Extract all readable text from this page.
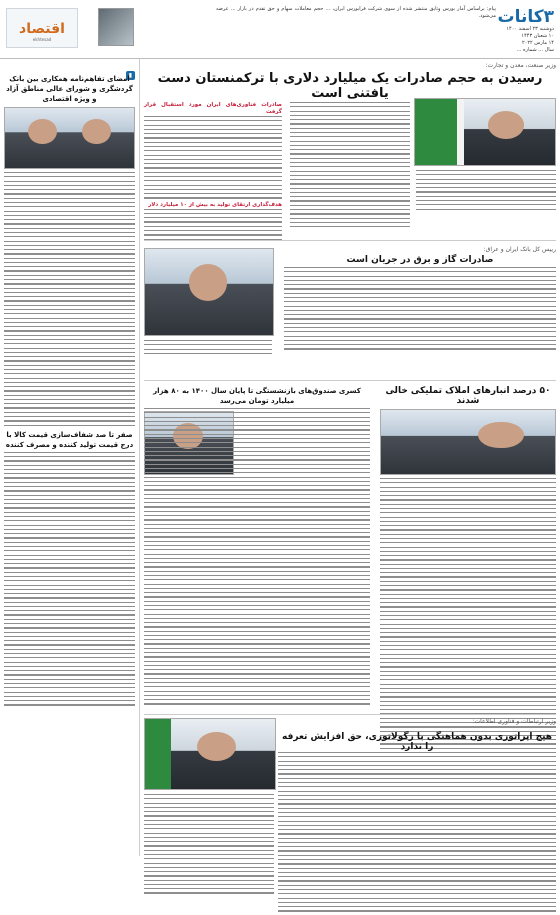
۳کانات
دوشنبه ۲۳ اسفند ۱۴۰۰
۱۰ شعبان ۱۴۴۳
۱۴ مارس ۲۰۲۲
سال ... شماره ...
پیام: براساس آمار بورس وثایق منتشر شده از سوی شرکت فرابورس ایران، ... حجم معاملات سهام و حق تقدم در بازار ... عرضه می‌شود.
اقتصاد
ekhtesad
▮
امضای تفاهم‌نامه همکاری بین بانک گردشگری و شورای عالی مناطق آزاد و ویژه اقتصادی
صفر تا صد شفاف‌سازی قیمت کالا با درج قیمت تولید کننده و مصرف کننده
وزیر صنعت، معدن و تجارت:
رسیدن به حجم صادرات یک میلیارد دلاری با ترکمنستان دست یافتنی است
صادرات فناوری‌های ایران مورد استقبال قرار گرفت
هدف‌گذاری ارتقای تولید به بیش از ۱۰ میلیارد دلار
رییس کل بانک ایران و عراق:
صادرات گاز و برق در جریان است
۵۰ درصد انبارهای املاک تملیکی خالی شدند
کسری صندوق‌های بازنشستگی تا پایان سال ۱۴۰۰ به ۸۰ هزار میلیارد تومان می‌رسد
وزیر ارتباطات و فناوری اطلاعات:
هیچ اپراتوری بدون هماهنگی با رگولاتوری، حق افزایش تعرفه را ندارد
